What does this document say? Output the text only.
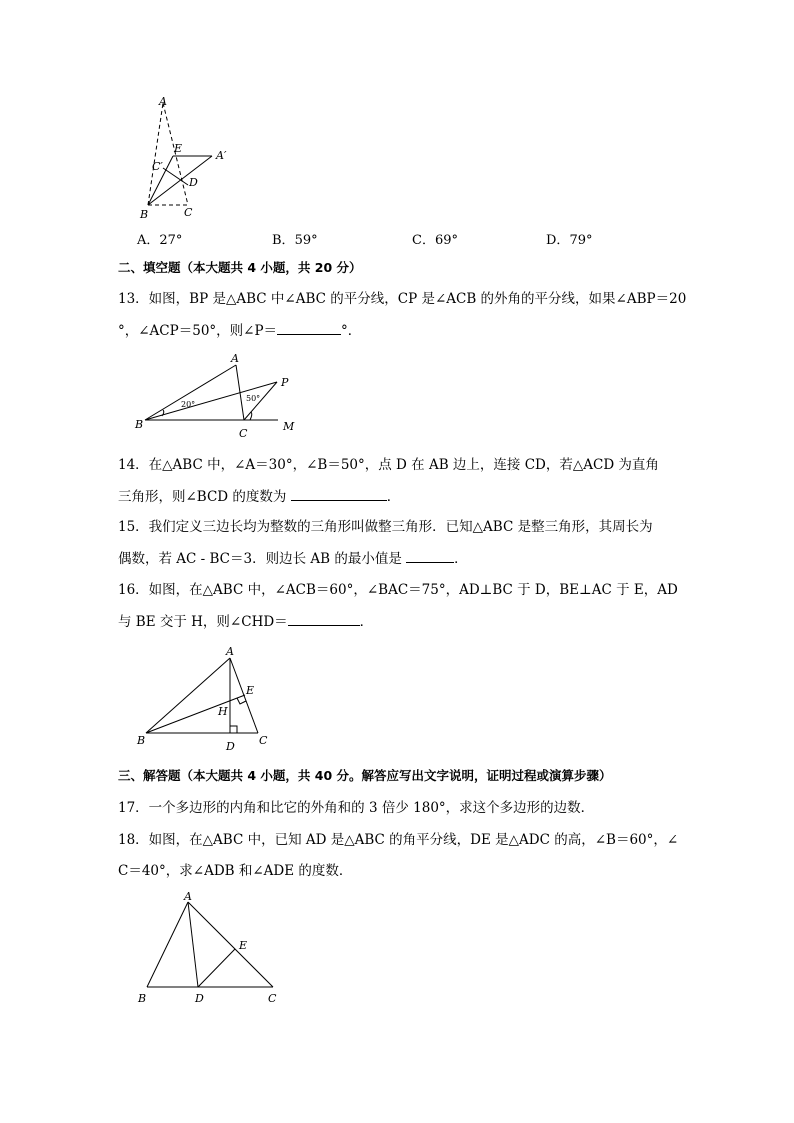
A
E
A′
C′
D
B	C
A．27°	B．59°	C．69°	D．79°
二、填空题（本大题共 4 小题，共 20 分）
13．如图，BP 是△ABC 中∠ABC 的平分线，CP 是∠ACB 的外角的平分线，如果∠ABP＝20
°，∠ACP＝50°，则∠P＝	°．
A
P
B
C
M
20°
50°
14．在△ABC 中，∠A＝30°，∠B＝50°，点 D 在 AB 边上，连接 CD，若△ACD 为直角
三角形，则∠BCD 的度数为	．
15．我们定义三边长均为整数的三角形叫做整三角形．已知△ABC 是整三角形，其周长为
偶数，若 AC - BC＝3．则边长 AB 的最小值是	．
16．如图，在△ABC 中，∠ACB＝60°，∠BAC＝75°，AD⊥BC 于 D，BE⊥AC 于 E，AD
与 BE 交于 H，则∠CHD＝	．
A
E
H
B	D C
三、解答题（本大题共 4 小题，共 40 分。解答应写出文字说明，证明过程或演算步骤）
17．一个多边形的内角和比它的外角和的 3 倍少 180°，求这个多边形的边数．
18．如图，在△ABC 中，已知 AD 是△ABC 的角平分线，DE 是△ADC 的高，∠B＝60°，∠
C＝40°，求∠ADB 和∠ADE 的度数．
A
E
B	D	C
